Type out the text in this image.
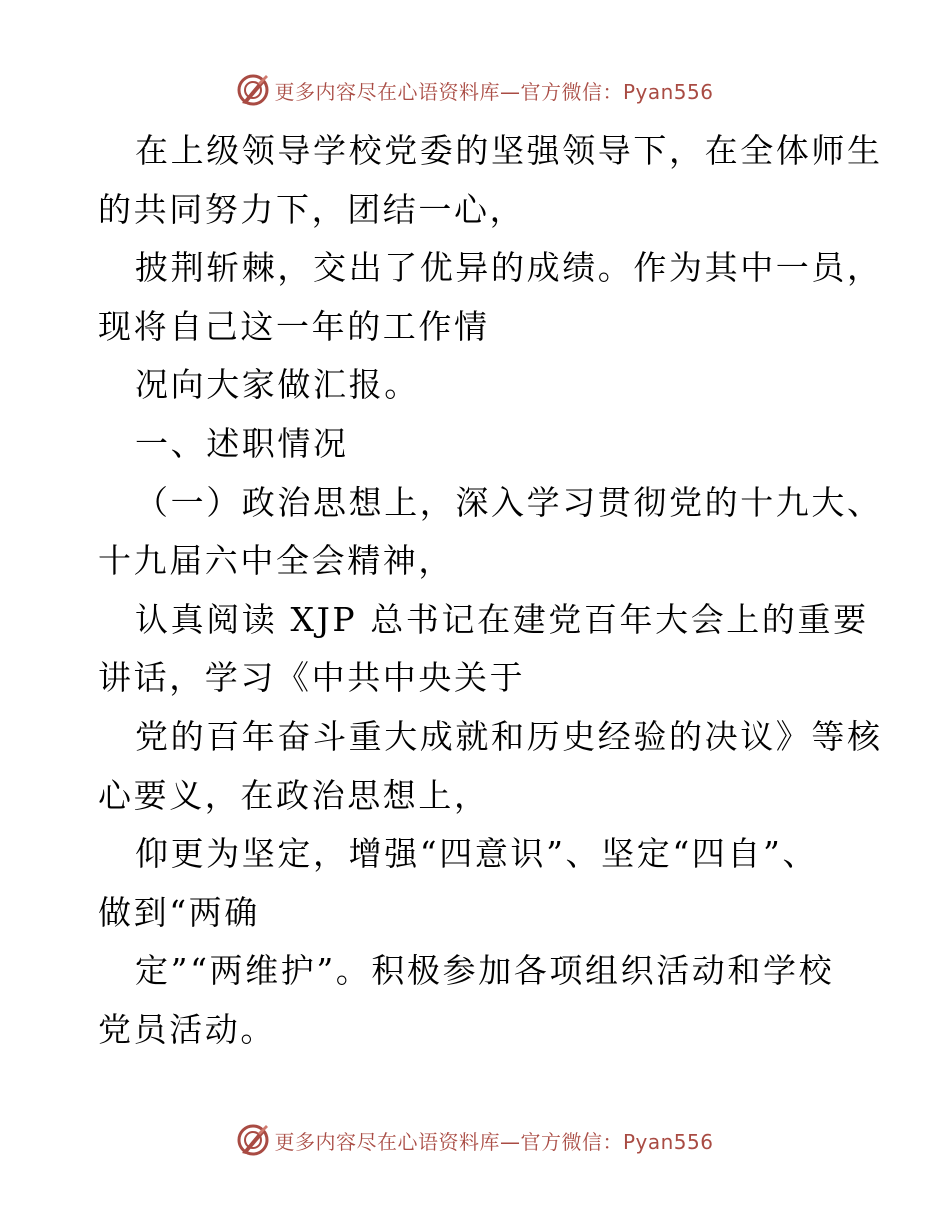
更多内容尽在心语资料库—官方微信：Pyan556
在上级领导学校党委的坚强领导下，在全体师生
的共同努力下，团结一心，
披荆斩棘，交出了优异的成绩。作为其中一员，
现将自己这一年的工作情
况向大家做汇报。
一、述职情况
（一）政治思想上，深入学习贯彻党的十九大、
十九届六中全会精神，
认真阅读 XJP 总书记在建党百年大会上的重要
讲话，学习《中共中央关于
党的百年奋斗重大成就和历史经验的决议》等核
心要义，在政治思想上，
仰更为坚定，增强“四意识”、坚定“四自”、
做到“两确
定”“两维护”。积极参加各项组织活动和学校
党员活动。
更多内容尽在心语资料库—官方微信：Pyan556
